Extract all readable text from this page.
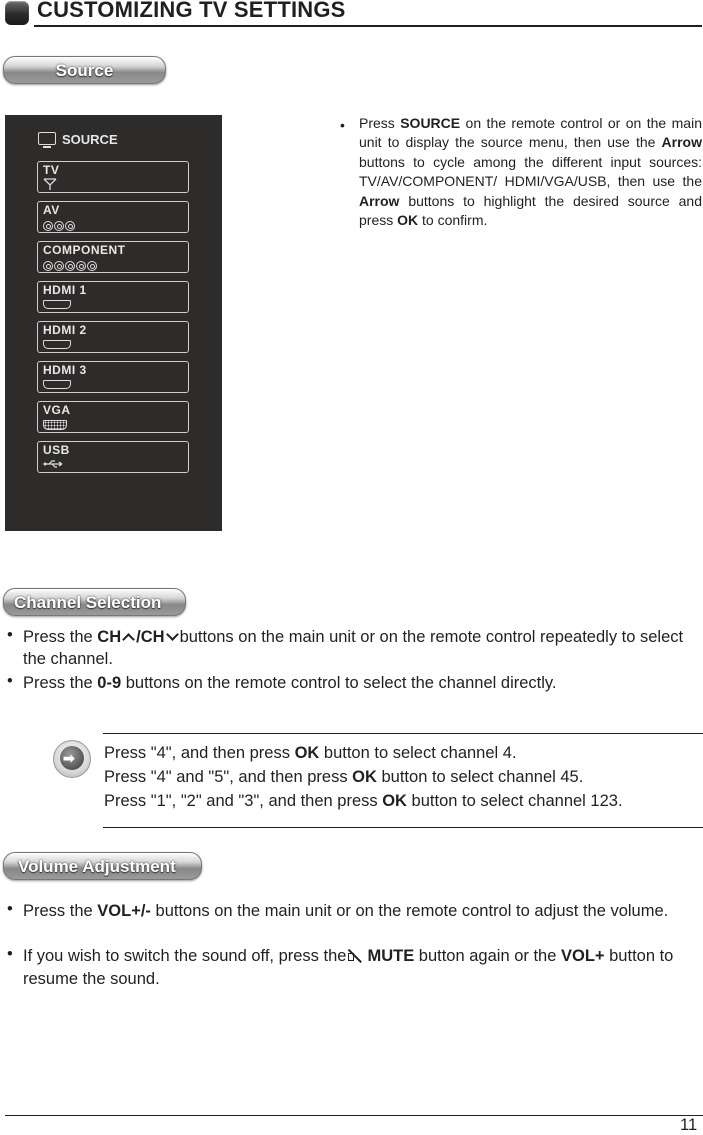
CUSTOMIZING TV SETTINGS
Source
SOURCE
TV
AV
COMPONENT
HDMI 1
HDMI 2
HDMI 3
VGA
USB
• Press SOURCE on the remote control or on the main unit to display the source menu, then use the Arrow buttons to cycle among the different input sources: TV/AV/COMPONENT/ HDMI/VGA/USB, then use the Arrow buttons to highlight the desired source and press OK to confirm.
Channel Selection
• Press the CH /CH buttons on the main unit or on the remote control repeatedly to select the channel.
• Press the 0-9 buttons on the remote control to select the channel directly.
➡ Press "4", and then press OK button to select channel 4.
Press "4" and "5", and then press OK button to select channel 45.
Press "1", "2" and "3", and then press OK button to select channel 123.
Volume Adjustment
• Press the VOL+/- buttons on the main unit or on the remote control to adjust the volume.
• If you wish to switch the sound off, press the MUTE button again or the VOL+ button to resume the sound.
11
